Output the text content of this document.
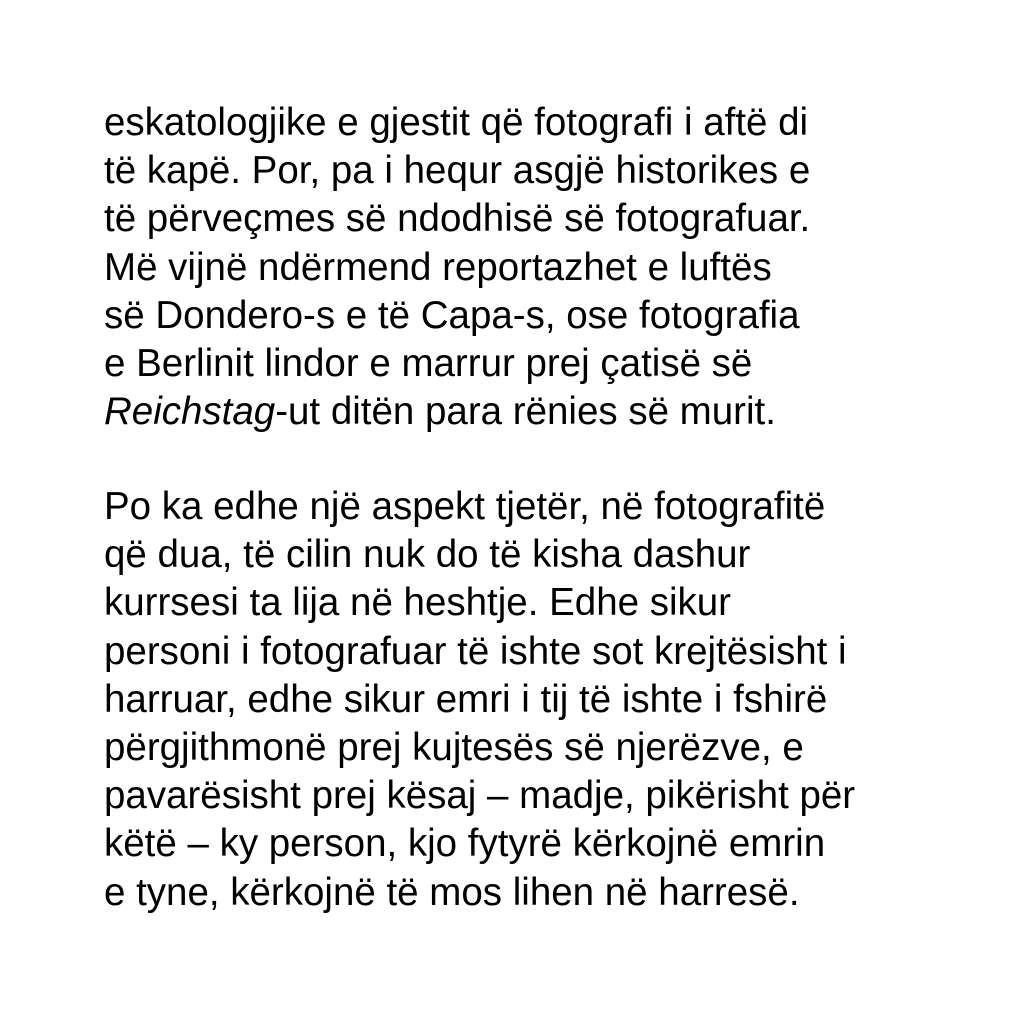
eskatologjike e gjestit që fotografi i aftë di
të kapë. Por, pa i hequr asgjë historikes e
të përveçmes së ndodhisë së fotografuar.
Më vijnë ndërmend reportazhet e luftës
së Dondero-s e të Capa-s, ose fotografia
e Berlinit lindor e marrur prej çatisë së
Reichstag-ut ditën para rënies së murit.

Po ka edhe një aspekt tjetër, në fotografitë
që dua, të cilin nuk do të kisha dashur
kurrsesi ta lija në heshtje. Edhe sikur
personi i fotografuar të ishte sot krejtësisht i
harruar, edhe sikur emri i tij të ishte i fshirë
përgjithmonë prej kujtesës së njerëzve, e
pavarësisht prej kësaj – madje, pikërisht për
këtë – ky person, kjo fytyrë kërkojnë emrin
e tyne, kërkojnë të mos lihen në harresë.
